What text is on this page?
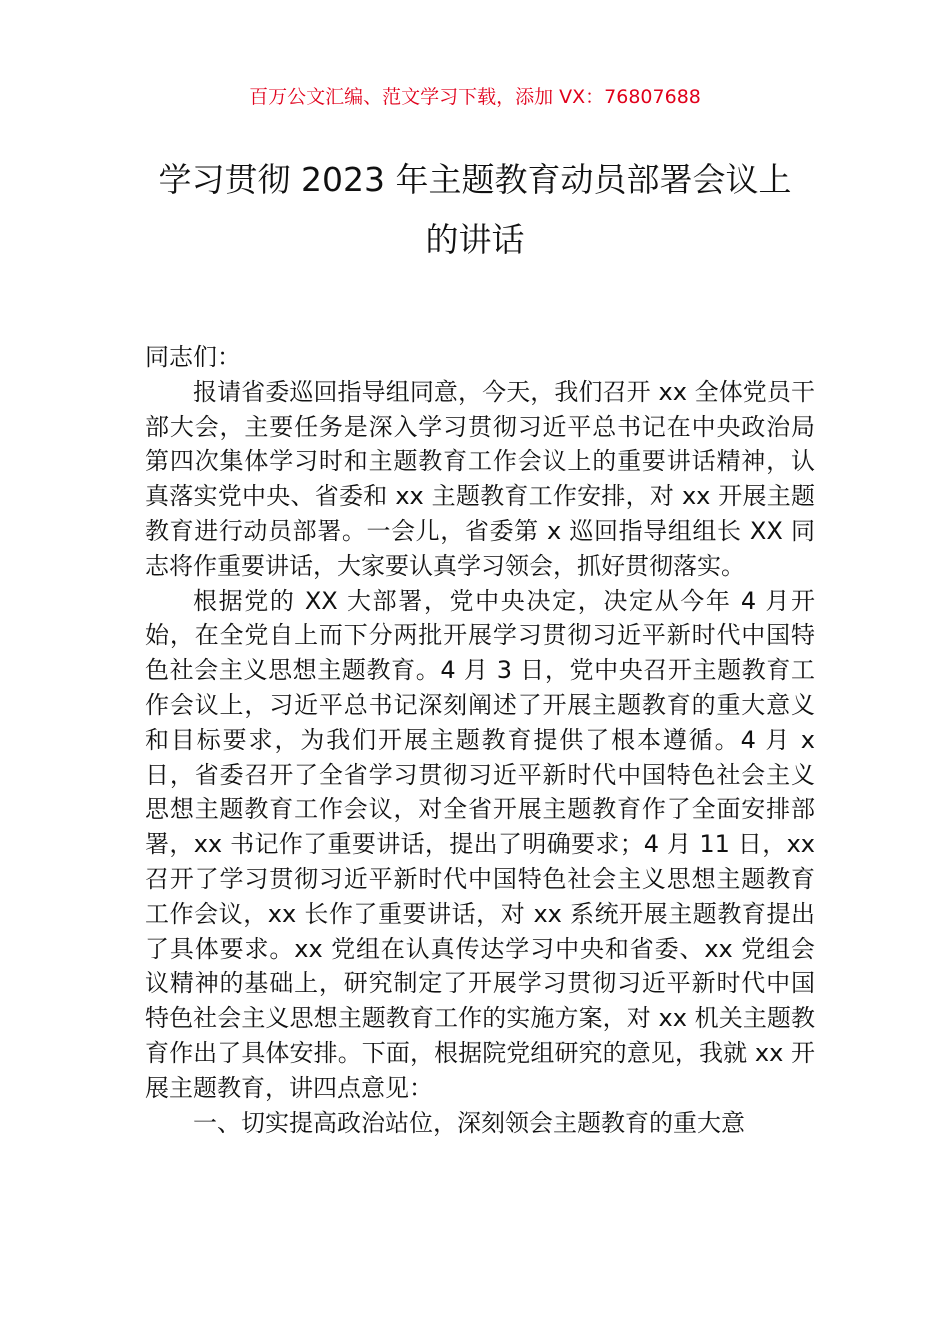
百万公文汇编、范文学习下载，添加 VX：76807688
学习贯彻 2023 年主题教育动员部署会议上
的讲话

同志们：

报请省委巡回指导组同意，今天，我们召开 xx 全体党员干部大会，主要任务是深入学习贯彻习近平总书记在中央政治局第四次集体学习时和主题教育工作会议上的重要讲话精神，认真落实党中央、省委和 xx 主题教育工作安排，对 xx 开展主题教育进行动员部署。一会儿，省委第 x 巡回指导组组长 XX 同志将作重要讲话，大家要认真学习领会，抓好贯彻落实。

根据党的 XX 大部署，党中央决定，决定从今年 4 月开始，在全党自上而下分两批开展学习贯彻习近平新时代中国特色社会主义思想主题教育。4 月 3 日，党中央召开主题教育工作会议上，习近平总书记深刻阐述了开展主题教育的重大意义和目标要求，为我们开展主题教育提供了根本遵循。4 月 x 日，省委召开了全省学习贯彻习近平新时代中国特色社会主义思想主题教育工作会议，对全省开展主题教育作了全面安排部署，xx 书记作了重要讲话，提出了明确要求；4 月 11 日，xx 召开了学习贯彻习近平新时代中国特色社会主义思想主题教育工作会议，xx 长作了重要讲话，对 xx 系统开展主题教育提出了具体要求。xx 党组在认真传达学习中央和省委、xx 党组会议精神的基础上，研究制定了开展学习贯彻习近平新时代中国特色社会主义思想主题教育工作的实施方案，对 xx 机关主题教育作出了具体安排。下面，根据院党组研究的意见，我就 xx 开展主题教育，讲四点意见：

一、切实提高政治站位，深刻领会主题教育的重大意
